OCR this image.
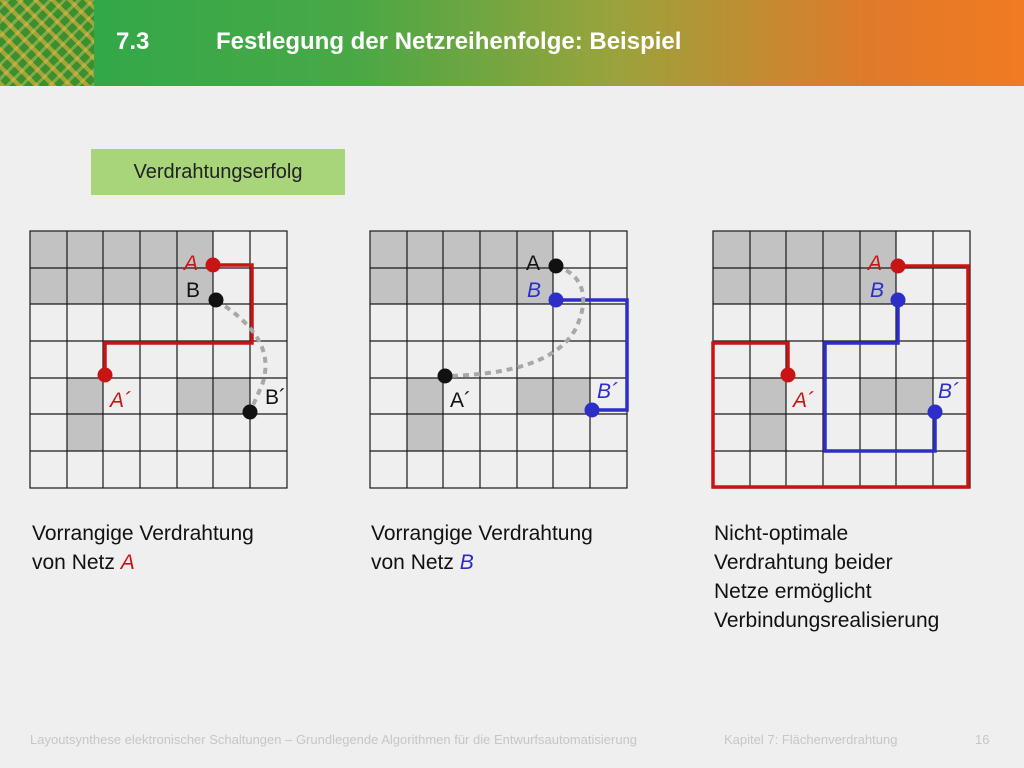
7.3	Festlegung der Netzreihenfolge: Beispiel
Verdrahtungserfolg
A
B
A´	B´
A
B
A´	B´
A
B
A´	B´
Vorrangige Verdrahtung
von Netz A
Vorrangige Verdrahtung
von Netz B
Nicht-optimale
Verdrahtung beider
Netze ermöglicht
Verbindungsrealisierung
Layoutsynthese elektronischer Schaltungen – Grundlegende Algorithmen für die Entwurfsautomatisierung	Kapitel 7: Flächenverdrahtung	16
